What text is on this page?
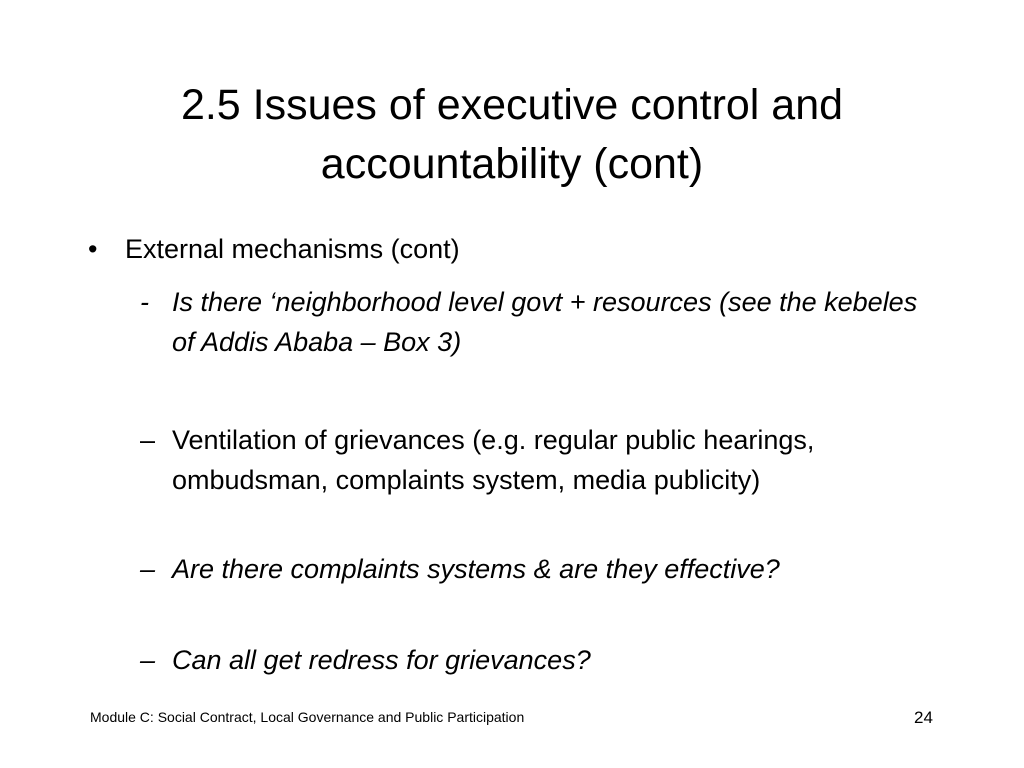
2.5 Issues of executive control and accountability (cont)
•	External mechanisms (cont)
- Is there ‘neighborhood level govt + resources (see the kebeles of Addis Ababa – Box 3)
– Ventilation of grievances (e.g. regular public hearings, ombudsman, complaints system, media publicity)
– Are there complaints systems & are they effective?
– Can all get redress for grievances?
Module C: Social Contract, Local Governance and Public Participation	24
